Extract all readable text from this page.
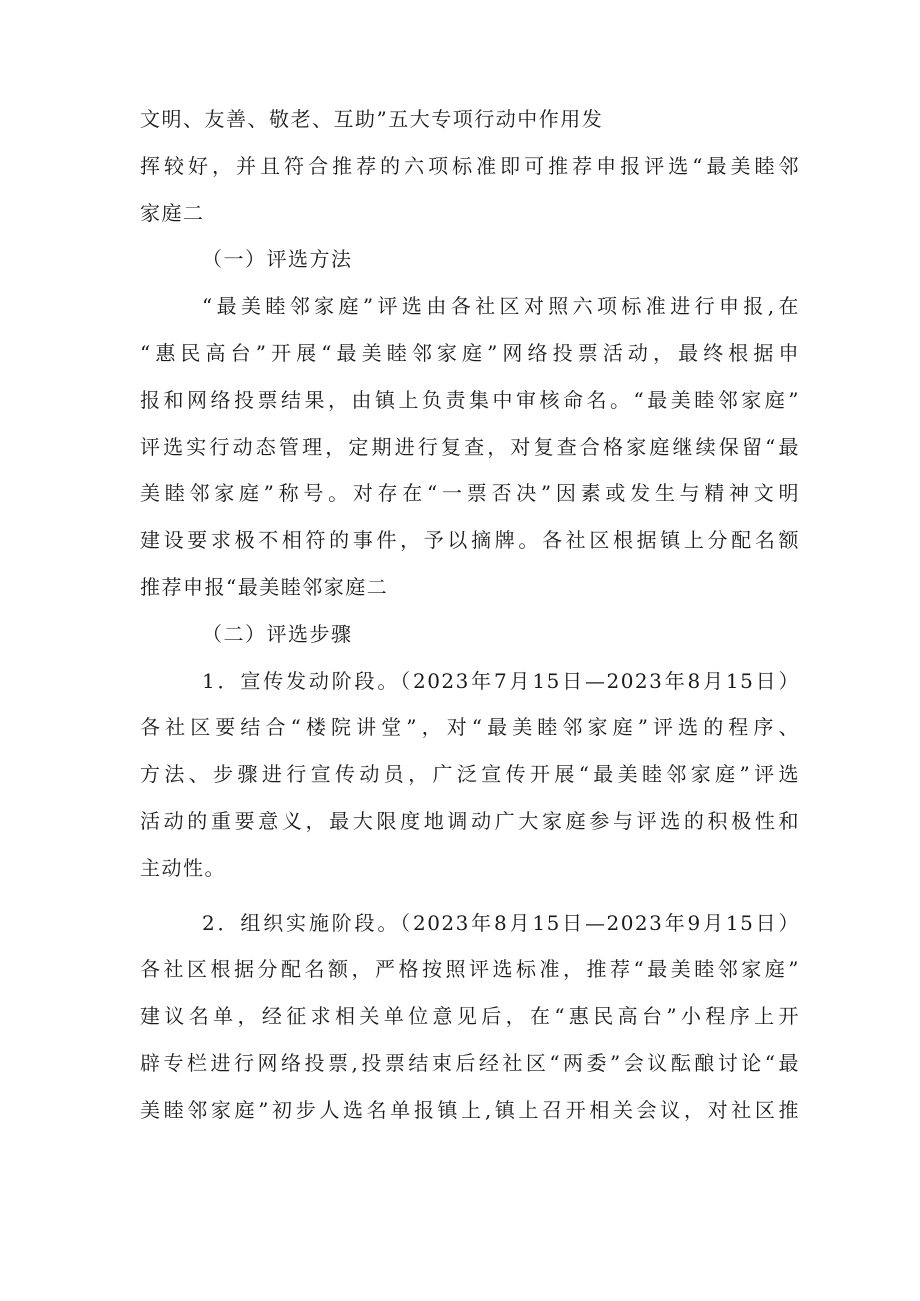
文明、友善、敬老、互助”五大专项行动中作用发
挥较好，并且符合推荐的六项标准即可推荐申报评选“最美睦邻
家庭二
（一）评选方法
“最美睦邻家庭”评选由各社区对照六项标准进行申报,在
“惠民高台”开展“最美睦邻家庭”网络投票活动，最终根据申
报和网络投票结果，由镇上负责集中审核命名。“最美睦邻家庭”
评选实行动态管理，定期进行复查，对复查合格家庭继续保留“最
美睦邻家庭”称号。对存在“一票否决”因素或发生与精神文明
建设要求极不相符的事件，予以摘牌。各社区根据镇上分配名额
推荐申报“最美睦邻家庭二
（二）评选步骤
1．宣传发动阶段。（2023年7月15日—2023年8月15日）
各社区要结合“楼院讲堂”，对“最美睦邻家庭”评选的程序、
方法、步骤进行宣传动员，广泛宣传开展“最美睦邻家庭”评选
活动的重要意义，最大限度地调动广大家庭参与评选的积极性和
主动性。
2．组织实施阶段。（2023年8月15日—2023年9月15日）
各社区根据分配名额，严格按照评选标准，推荐“最美睦邻家庭”
建议名单，经征求相关单位意见后，在“惠民高台”小程序上开
辟专栏进行网络投票,投票结束后经社区“两委”会议酝酿讨论“最
美睦邻家庭”初步人选名单报镇上,镇上召开相关会议，对社区推
